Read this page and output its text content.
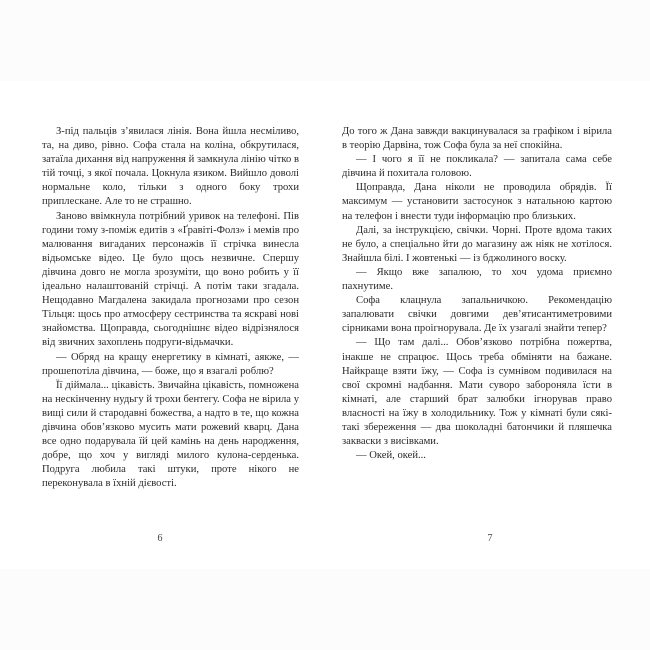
З-під пальців з’явилася лінія. Вона йшла несміливо, та, на диво, рівно. Софа стала на коліна, обкрутилася, затаїла дихання від напруження й замкнула лінію чітко в тій точці, з якої почала. Цокнула язиком. Вийшло доволі нормальне коло, тільки з одного боку трохи приплескане. Але то не страшно.

Заново ввімкнула потрібний уривок на телефоні. Пів години тому з-поміж едитів з «Ґравіті-Фолз» і мемів про малювання вигаданих персонажів її стрічка винесла відьомське відео. Це було щось незвичне. Спершу дівчина довго не могла зрозуміти, що воно робить у її ідеально налаштованій стрічці. А потім таки згадала. Нещодавно Магдалена закидала прогнозами про сезон Тільця: щось про атмосферу сестринства та яскраві нові знайомства. Щоправда, сьогоднішнє відео відрізнялося від звичних захоплень подруги-відьмачки.

— Обряд на кращу енергетику в кімнаті, аякже, — прошепотіла дівчина, — боже, що я взагалі роблю?

Її діймала... цікавість. Звичайна цікавість, помножена на нескінченну нудьгу й трохи бентегу. Софа не вірила у вищі сили й стародавні божества, а надто в те, що кожна дівчина обов’язково мусить мати рожевий кварц. Дана все одно подарувала їй цей камінь на день народження, добре, що хоч у вигляді милого кулона-серденька. Подруга любила такі штуки, проте нікого не переконувала в їхній дієвості.

6

До того ж Дана завжди вакцинувалася за графіком і вірила в теорію Дарвіна, тож Софа була за неї спокійна.

— І чого я її не покликала? — запитала сама себе дівчина й похитала головою.

Щоправда, Дана ніколи не проводила обрядів. Її максимум — установити застосунок з натальною картою на телефон і внести туди інформацію про близьких.

Далі, за інструкцією, свічки. Чорні. Проте вдома таких не було, а спеціально йти до магазину аж ніяк не хотілося. Знайшла білі. І жовтенькі — із бджолиного воску.

— Якщо вже запалюю, то хоч удома приємно пахнутиме.

Софа клацнула запальничкою. Рекомендацію запалювати свічки довгими дев’ятисантиметровими сірниками вона проігнорувала. Де їх узагалі знайти тепер?

— Що там далі... Обов’язково потрібна пожертва, інакше не спрацює. Щось треба обміняти на бажане. Найкраще взяти їжу, — Софа із сумнівом подивилася на свої скромні надбання. Мати суворо забороняла їсти в кімнаті, але старший брат залюбки ігнорував право власності на їжу в холодильнику. Тож у кімнаті були сякі-такі збереження — два шоколадні батончики й пляшечка закваски з висівками.

— Окей, окей...

7
